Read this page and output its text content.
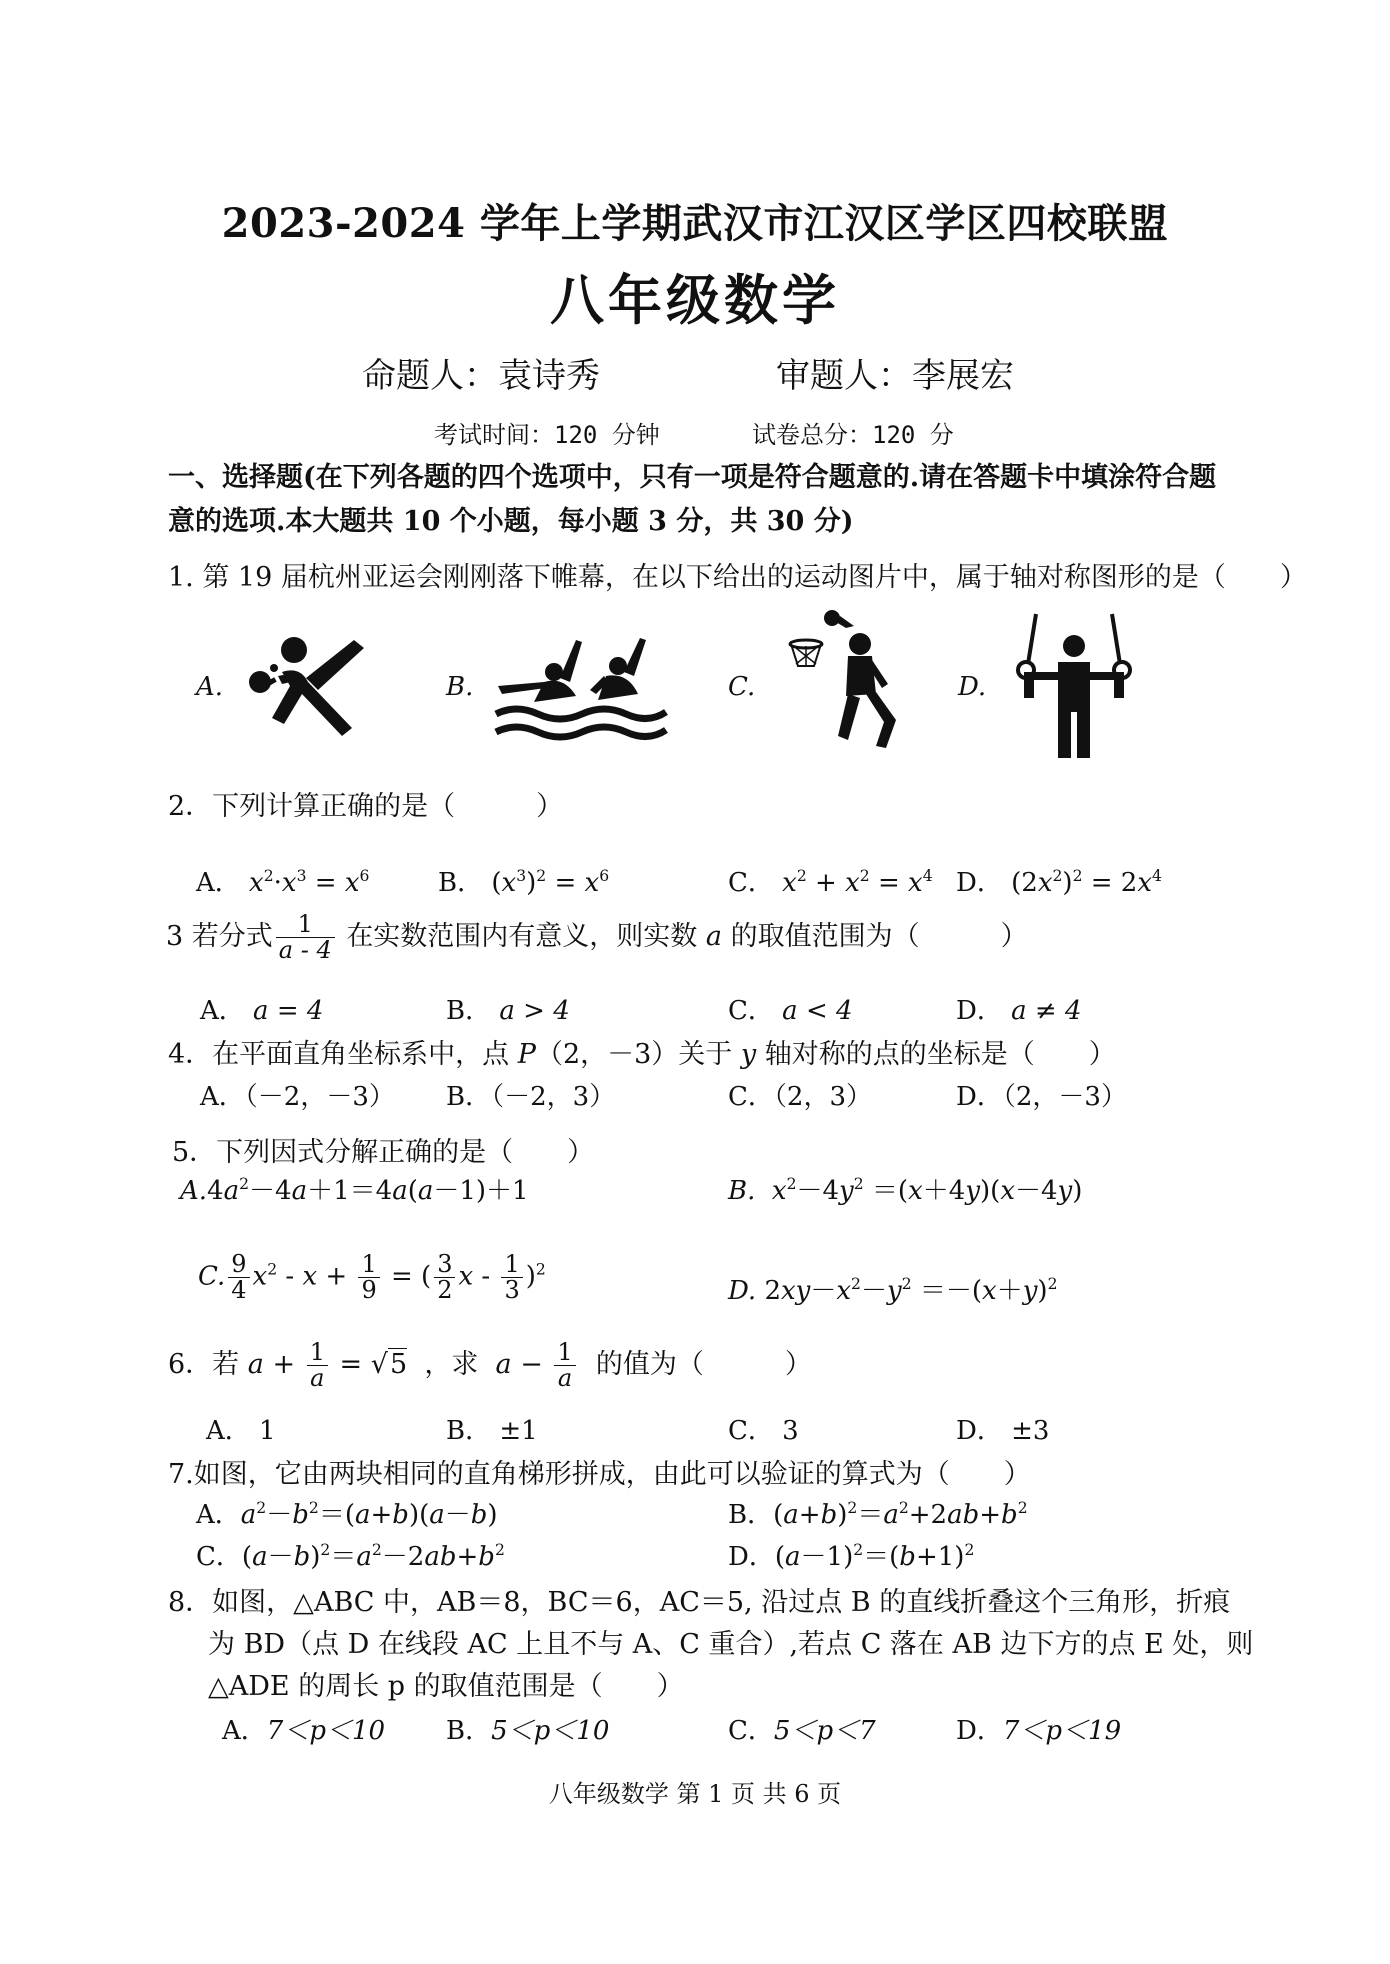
2023-2024 学年上学期武汉市江汉区学区四校联盟
八年级数学
命题人：袁诗秀	审题人：李展宏
考试时间：120 分钟	试卷总分：120 分
一、选择题(在下列各题的四个选项中，只有一项是符合题意的.请在答题卡中填涂符合题意的选项.本大题共 10 个小题，每小题 3 分，共 30 分)
1. 第 19 届杭州亚运会刚刚落下帷幕，在以下给出的运动图片中，属于轴对称图形的是（　　）
A.	B.	C.	D.
2．下列计算正确的是（　　　）
A． $x^2\cdot x^3 = x^6$	B． $(x^3)^2 = x^6$	C． $x^2 + x^2 = x^4$ D． $(2x^2)^2 = 2x^4$
3 若分式 $\frac{1}{a - 4}$ 在实数范围内有意义，则实数 a 的取值范围为（　　　）
A． a = 4	B． a > 4	C． a < 4	D． a ≠ 4
4．在平面直角坐标系中，点 P（2，－3）关于 y 轴对称的点的坐标是（　　）
A．（－2，－3） B．（－2，3）	C．（2，3）	D．（2，－3）
5．下列因式分解正确的是（　　）
$A.4a^2-4a+1=4a(a-1)+1$	B. $x^2-4y^2 =(x+4y)(x-4y)$
C. $\frac{9}{4} x^2 - x + \frac{1}{9}$ = ( $\frac{3}{2}$ x - $\frac{1}{3} )^2$
D. $2xy-x^2-y^2 =-(x+y)^2$
6．若 $a + \frac{1}{a} = √5$ ，求 $a - \frac{1}{a}$ 的值为（　　　）
A． 1	B． ±1	C． 3	D． ±3
7.如图，它由两块相同的直角梯形拼成，由此可以验证的算式为（　　）
A．$a^2-b^2=(a+b)(a-b)$	B．$(a+b)^2=a^2+2ab+b^2$
C．$(a-b)^2=a^2-2ab+b^2$	D．$(a-1)^2=(b+1)^2$
8．如图，△ABC 中，AB＝8，BC＝6，AC＝5, 沿过点 B 的直线折叠这个三角形，折痕
为 BD（点 D 在线段 AC 上且不与 A、C 重合）,若点 C 落在 AB 边下方的点 E 处，则
△ADE 的周长 p 的取值范围是（　　）
A．7＜p＜10 B．5＜p＜10	C．5＜p＜7	D．7＜p＜19
八年级数学 第 1 页 共 6 页
